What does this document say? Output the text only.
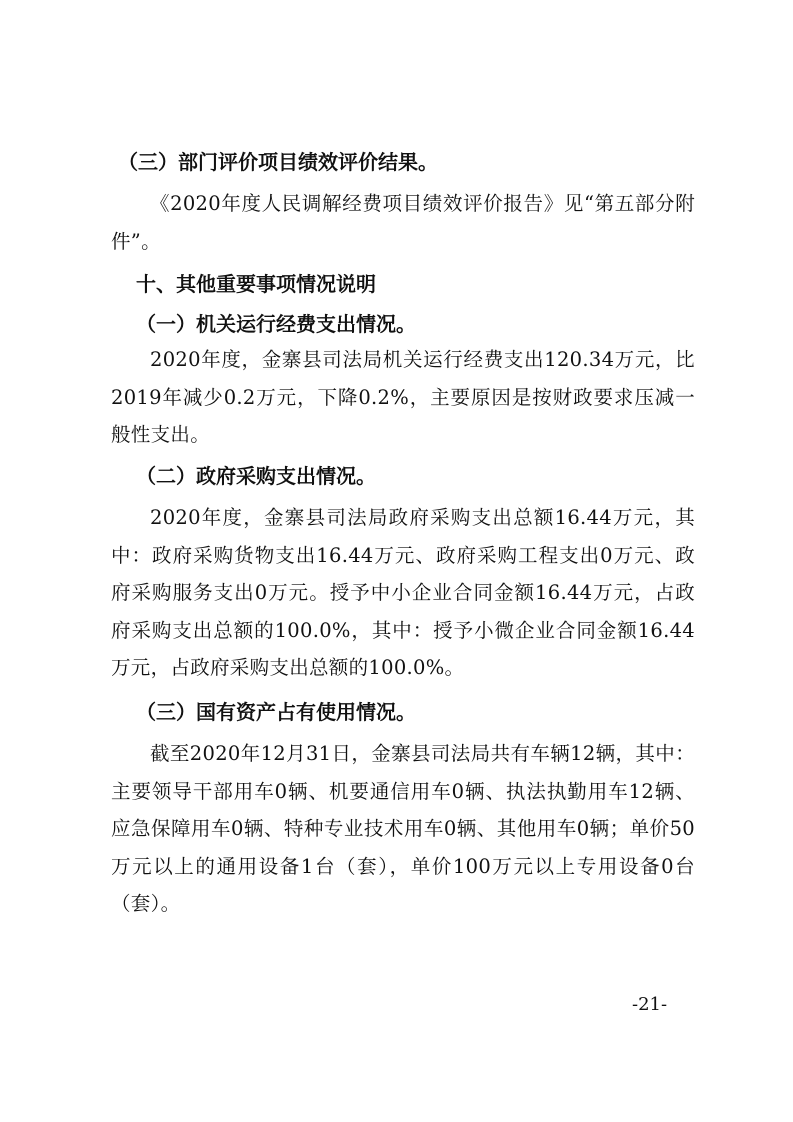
（三）部门评价项目绩效评价结果。
《2020年度人民调解经费项目绩效评价报告》见“第五部分附件”。
十、其他重要事项情况说明
（一）机关运行经费支出情况。
2020年度，金寨县司法局机关运行经费支出120.34万元，比2019年减少0.2万元，下降0.2%，主要原因是按财政要求压减一般性支出。
（二）政府采购支出情况。
2020年度，金寨县司法局政府采购支出总额16.44万元，其中：政府采购货物支出16.44万元、政府采购工程支出0万元、政府采购服务支出0万元。授予中小企业合同金额16.44万元，占政府采购支出总额的100.0%，其中：授予小微企业合同金额16.44万元，占政府采购支出总额的100.0%。
（三）国有资产占有使用情况。
截至2020年12月31日，金寨县司法局共有车辆12辆，其中：主要领导干部用车0辆、机要通信用车0辆、执法执勤用车12辆、应急保障用车0辆、特种专业技术用车0辆、其他用车0辆；单价50万元以上的通用设备1台（套），单价100万元以上专用设备0台（套）。
-21-
